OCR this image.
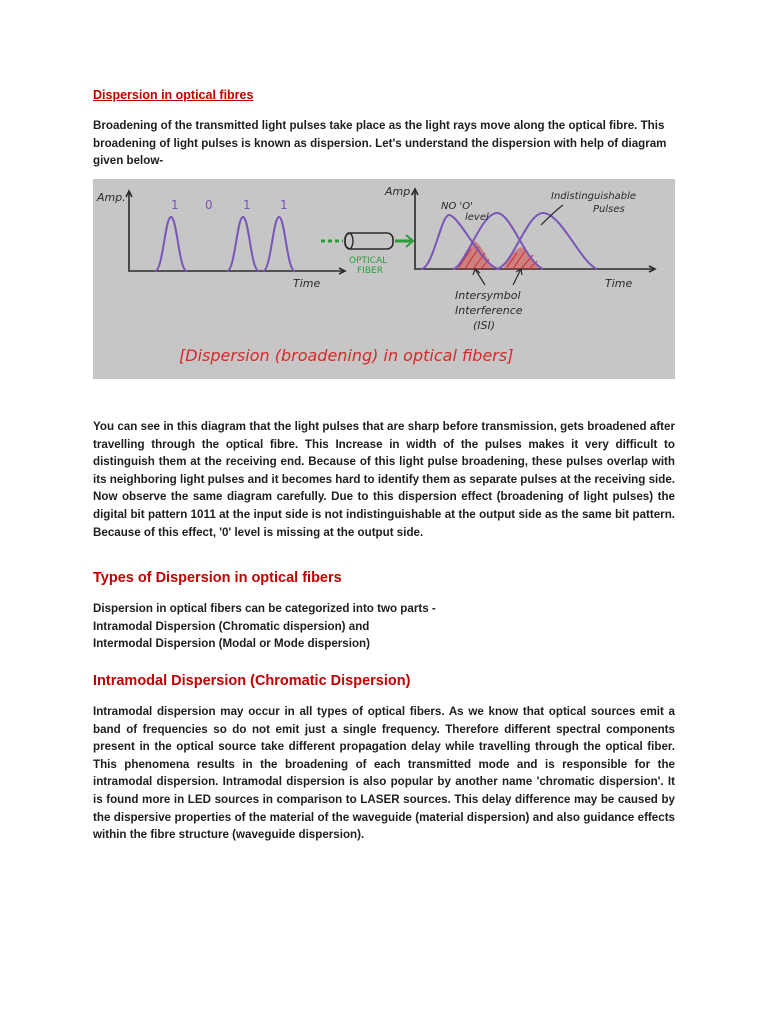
Dispersion in optical fibres

Broadening of the transmitted light pulses take place as the light rays move along the optical fibre. This broadening of light pulses is known as dispersion. Let's understand the dispersion with help of diagram given below-

Amp.
1 0	1 1
Time
OPTICAL
FIBER
Amp.
NO 'O'
level
Indistinguishable
Pulses
Time
Intersymbol
Interference
(ISI)
[Dispersion (broadening) in optical fibers]

You can see in this diagram that the light pulses that are sharp before transmission, gets broadened after travelling through the optical fibre. This Increase in width of the pulses makes it very difficult to distinguish them at the receiving end. Because of this light pulse broadening, these pulses overlap with its neighboring light pulses and it becomes hard to identify them as separate pulses at the receiving side. Now observe the same diagram carefully. Due to this dispersion effect (broadening of light pulses) the digital bit pattern 1011 at the input side is not indistinguishable at the output side as the same bit pattern. Because of this effect, '0' level is missing at the output side.

Types of Dispersion in optical fibers
Dispersion in optical fibers can be categorized into two parts -
Intramodal Dispersion (Chromatic dispersion) and
Intermodal Dispersion (Modal or Mode dispersion)
Intramodal Dispersion (Chromatic Dispersion)

Intramodal dispersion may occur in all types of optical fibers. As we know that optical sources emit a band of frequencies so do not emit just a single frequency. Therefore different spectral components present in the optical source take different propagation delay while travelling through the optical fiber. This phenomena results in the broadening of each transmitted mode and is responsible for the intramodal dispersion. Intramodal dispersion is also popular by another name 'chromatic dispersion'. It is found more in LED sources in comparison to LASER sources. This delay difference may be caused by the dispersive properties of the material of the waveguide (material dispersion) and also guidance effects within the fibre structure (waveguide dispersion).
